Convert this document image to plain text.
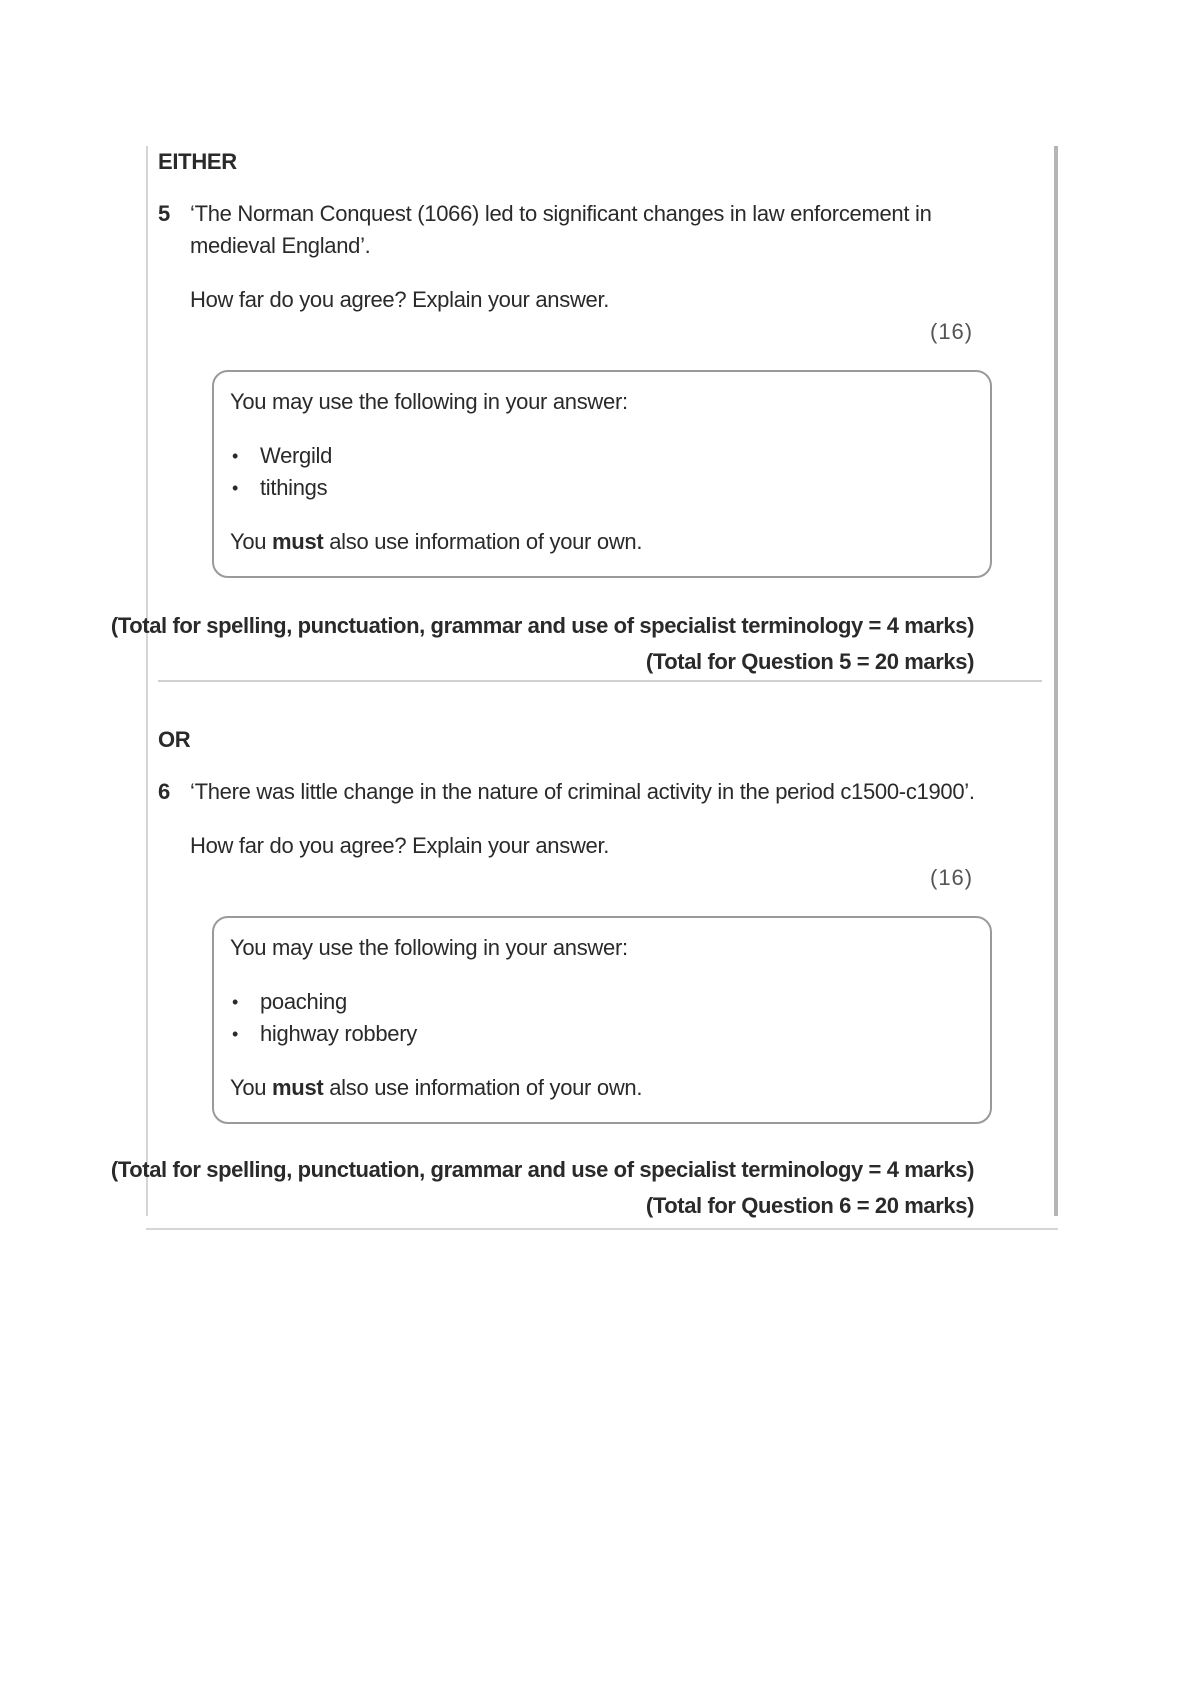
EITHER
5 ‘The Norman Conquest (1066) led to significant changes in law enforcement in
medieval England’.
How far do you agree? Explain your answer.
(16)
You may use the following in your answer:
• Wergild
• tithings
You must also use information of your own.
(Total for spelling, punctuation, grammar and use of specialist terminology = 4 marks)
(Total for Question 5 = 20 marks)
OR
6 ‘There was little change in the nature of criminal activity in the period c1500-c1900’.
How far do you agree? Explain your answer.
(16)
You may use the following in your answer:
• poaching
• highway robbery
You must also use information of your own.
(Total for spelling, punctuation, grammar and use of specialist terminology = 4 marks)
(Total for Question 6 = 20 marks)
